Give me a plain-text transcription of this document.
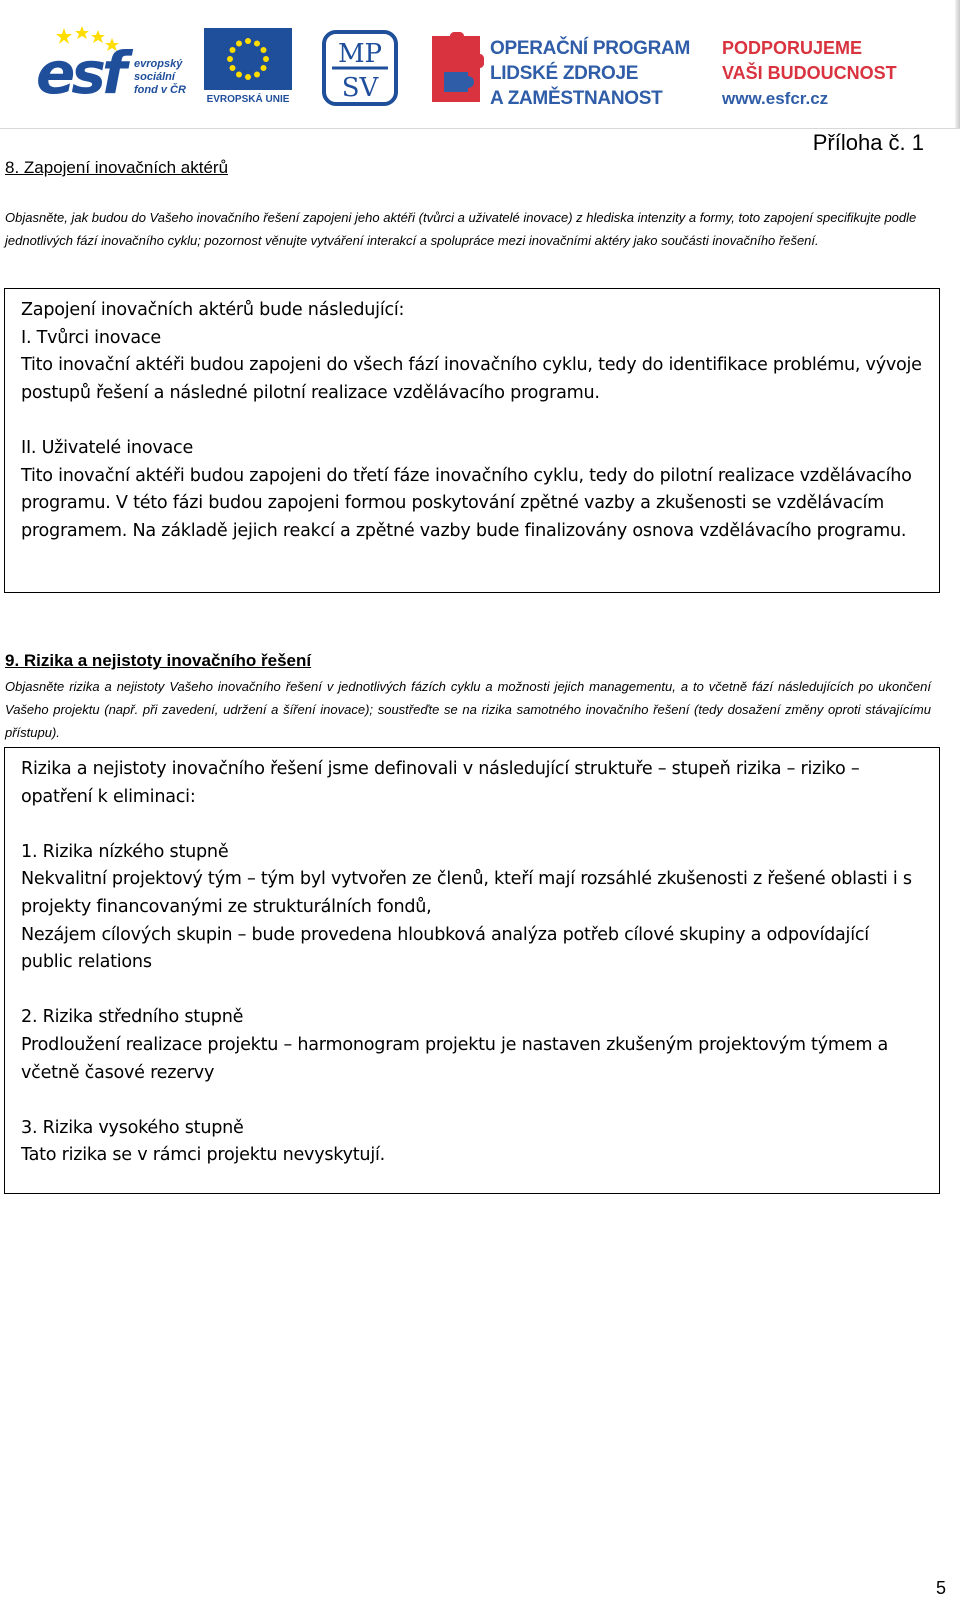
esf evropský
sociální
fond v ČR
EVROPSKÁ UNIE
MP
SV
OPERAČNÍ PROGRAM
LIDSKÉ ZDROJE
A ZAMĚSTNANOST
PODPORUJEME
VAŠI BUDOUCNOST
www.esfcr.cz
Příloha č. 1
8. Zapojení inovačních aktérů
Objasněte, jak budou do Vašeho inovačního řešení zapojeni jeho aktéři (tvůrci a uživatelé inovace) z hlediska intenzity a formy, toto zapojení specifikujte podle jednotlivých fází inovačního cyklu; pozornost věnujte vytváření interakcí a spolupráce mezi inovačními aktéry jako součásti inovačního řešení.

Zapojení inovačních aktérů bude následující:

I. Tvůrci inovace

Tito inovační aktéři budou zapojeni do všech fází inovačního cyklu, tedy do identifikace problému, vývoje postupů řešení a následné pilotní realizace vzdělávacího programu.

II. Uživatelé inovace

Tito inovační aktéři budou zapojeni do třetí fáze inovačního cyklu, tedy do pilotní realizace vzdělávacího programu. V této fázi budou zapojeni formou poskytování zpětné vazby a zkušenosti se vzdělávacím programem. Na základě jejich reakcí a zpětné vazby bude finalizovány osnova vzdělávacího programu.

9. Rizika a nejistoty inovačního řešení
Objasněte rizika a nejistoty Vašeho inovačního řešení v jednotlivých fázích cyklu a možnosti jejich managementu, a to včetně fází následujících po ukončení Vašeho projektu (např. při zavedení, udržení a šíření inovace); soustřeďte se na rizika samotného inovačního řešení (tedy dosažení změny oproti stávajícímu přístupu).

Rizika a nejistoty inovačního řešení jsme definovali v následující struktuře – stupeň rizika – riziko – opatření k eliminaci:

1. Rizika nízkého stupně

Nekvalitní projektový tým – tým byl vytvořen ze členů, kteří mají rozsáhlé zkušenosti z řešené oblasti i s projekty financovanými ze strukturálních fondů,

Nezájem cílových skupin – bude provedena hloubková analýza potřeb cílové skupiny a odpovídající public relations

2. Rizika středního stupně

Prodloužení realizace projektu – harmonogram projektu je nastaven zkušeným projektovým týmem a včetně časové rezervy

3. Rizika vysokého stupně

Tato rizika se v rámci projektu nevyskytují.

5
